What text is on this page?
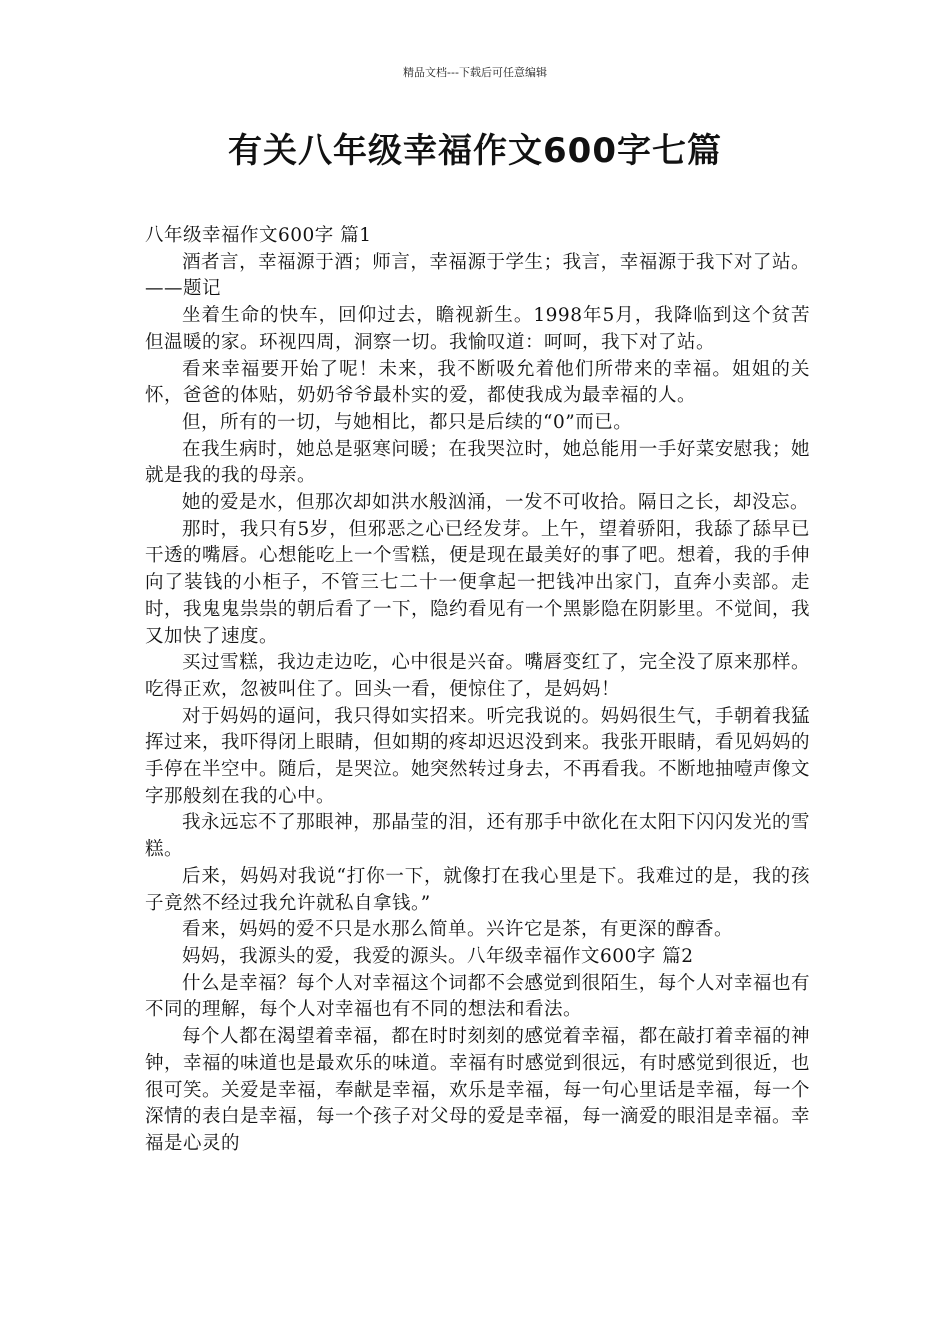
精品文档---下载后可任意编辑
有关八年级幸福作文600字七篇

八年级幸福作文600字 篇1

酒者言，幸福源于酒；师言，幸福源于学生；我言，幸福源于我下对了站。——题记

坐着生命的快车，回仰过去，瞻视新生。1998年5月，我降临到这个贫苦但温暖的家。环视四周，洞察一切。我愉叹道：呵呵，我下对了站。

看来幸福要开始了呢！未来，我不断吸允着他们所带来的幸福。姐姐的关怀，爸爸的体贴，奶奶爷爷最朴实的爱，都使我成为最幸福的人。

但，所有的一切，与她相比，都只是后续的“0”而已。

在我生病时，她总是驱寒问暖；在我哭泣时，她总能用一手好菜安慰我；她就是我的我的母亲。

她的爱是水，但那次却如洪水般汹涌，一发不可收拾。隔日之长，却没忘。

那时，我只有5岁，但邪恶之心已经发芽。上午，望着骄阳，我舔了舔早已干透的嘴唇。心想能吃上一个雪糕，便是现在最美好的事了吧。想着，我的手伸向了装钱的小柜子，不管三七二十一便拿起一把钱冲出家门，直奔小卖部。走时，我鬼鬼祟祟的朝后看了一下，隐约看见有一个黑影隐在阴影里。不觉间，我又加快了速度。

买过雪糕，我边走边吃，心中很是兴奋。嘴唇变红了，完全没了原来那样。吃得正欢，忽被叫住了。回头一看，便惊住了，是妈妈！

对于妈妈的逼问，我只得如实招来。听完我说的。妈妈很生气，手朝着我猛挥过来，我吓得闭上眼睛，但如期的疼却迟迟没到来。我张开眼睛，看见妈妈的手停在半空中。随后，是哭泣。她突然转过身去，不再看我。不断地抽噎声像文字那般刻在我的心中。

我永远忘不了那眼神，那晶莹的泪，还有那手中欲化在太阳下闪闪发光的雪糕。

后来，妈妈对我说“打你一下，就像打在我心里是下。我难过的是，我的孩子竟然不经过我允许就私自拿钱。”

看来，妈妈的爱不只是水那么简单。兴许它是茶，有更深的醇香。

妈妈，我源头的爱，我爱的源头。八年级幸福作文600字 篇2

什么是幸福？每个人对幸福这个词都不会感觉到很陌生，每个人对幸福也有不同的理解，每个人对幸福也有不同的想法和看法。

每个人都在渴望着幸福，都在时时刻刻的感觉着幸福，都在敲打着幸福的神钟，幸福的味道也是最欢乐的味道。幸福有时感觉到很远，有时感觉到很近，也很可笑。关爱是幸福，奉献是幸福，欢乐是幸福，每一句心里话是幸福，每一个深情的表白是幸福，每一个孩子对父母的爱是幸福，每一滴爱的眼泪是幸福。幸福是心灵的
